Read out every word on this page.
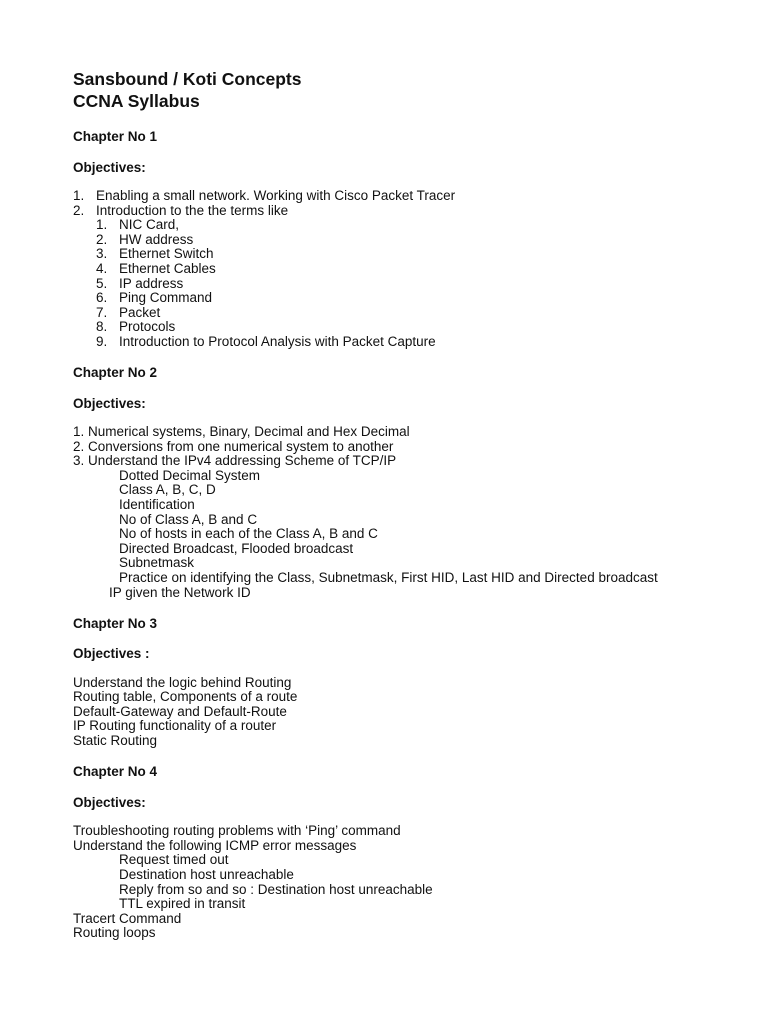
Sansbound / Koti Concepts

CCNA Syllabus

Chapter No 1

Objectives:

1. Enabling a small network. Working with Cisco Packet Tracer

2. Introduction to the the terms like

1. NIC Card,

2. HW address

3. Ethernet Switch

4. Ethernet Cables

5. IP address

6. Ping Command

7. Packet

8. Protocols

9. Introduction to Protocol Analysis with Packet Capture

Chapter No 2

Objectives:

1. Numerical systems, Binary, Decimal and Hex Decimal

2. Conversions from one numerical system to another

3. Understand the IPv4 addressing Scheme of TCP/IP

Dotted Decimal System

Class A, B, C, D

Identification

No of Class A, B and C

No of hosts in each of the Class A, B and C

Directed Broadcast, Flooded broadcast

Subnetmask

Practice on identifying the Class, Subnetmask, First HID, Last HID and Directed broadcast

IP given the Network ID

Chapter No 3

Objectives :

Understand the logic behind Routing

Routing table, Components of a route

Default-Gateway and Default-Route

IP Routing functionality of a router

Static Routing

Chapter No 4

Objectives:

Troubleshooting routing problems with ‘Ping’ command

Understand the following ICMP error messages

Request timed out

Destination host unreachable

Reply from so and so : Destination host unreachable

TTL expired in transit

Tracert Command

Routing loops
